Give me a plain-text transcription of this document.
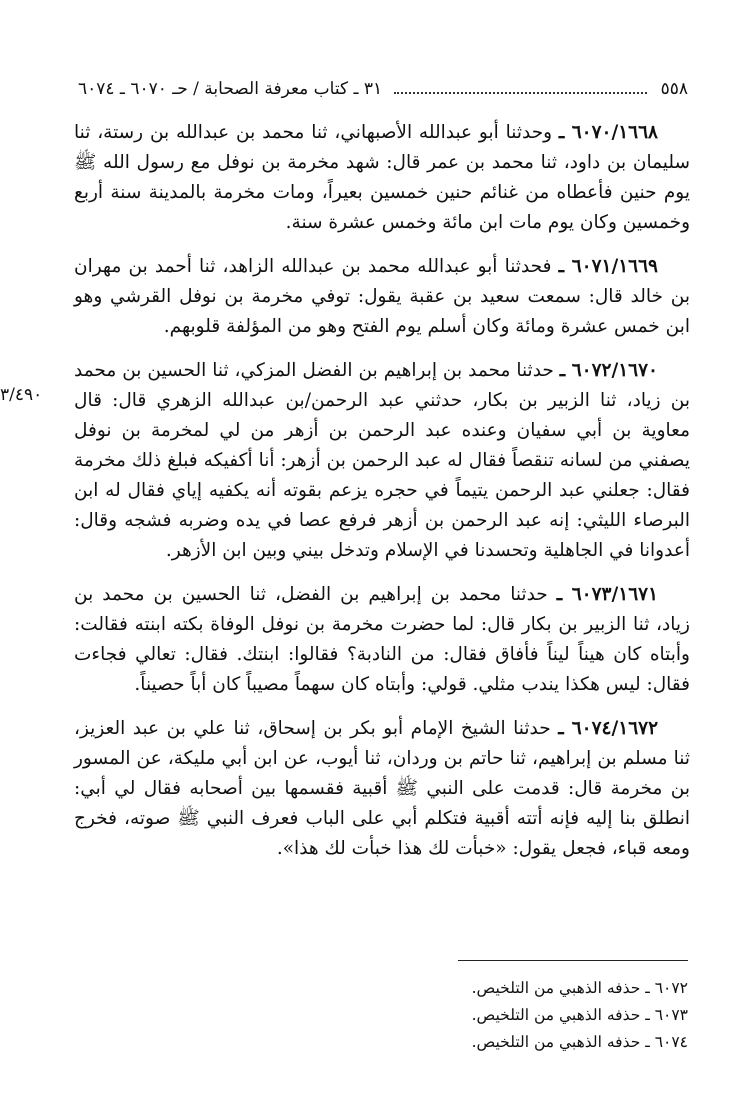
٥٥٨
٣١ ـ كتاب معرفة الصحابة / حـ ٦٠٧٠ ـ ٦٠٧٤
٣/٤٩٠

٦٠٧٠/١٦٦٨ ـ وحدثنا أبو عبدالله الأصبهاني، ثنا محمد بن عبدالله بن رستة، ثنا سليمان بن داود، ثنا محمد بن عمر قال: شهد مخرمة بن نوفل مع رسول الله ﷺ يوم حنين فأعطاه من غنائم حنين خمسين بعيراً، ومات مخرمة بالمدينة سنة أربع وخمسين وكان يوم مات ابن مائة وخمس عشرة سنة.

٦٠٧١/١٦٦٩ ـ فحدثنا أبو عبدالله محمد بن عبدالله الزاهد، ثنا أحمد بن مهران بن خالد قال: سمعت سعيد بن عقبة يقول: توفي مخرمة بن نوفل القرشي وهو ابن خمس عشرة ومائة وكان أسلم يوم الفتح وهو من المؤلفة قلوبهم.

٦٠٧٢/١٦٧٠ ـ حدثنا محمد بن إبراهيم بن الفضل المزكي، ثنا الحسين بن محمد بن زياد، ثنا الزبير بن بكار، حدثني عبد الرحمن/بن عبدالله الزهري قال: قال معاوية بن أبي سفيان وعنده عبد الرحمن بن أزهر من لي لمخرمة بن نوفل يصفني من لسانه تنقصاً فقال له عبد الرحمن بن أزهر: أنا أكفيكه فبلغ ذلك مخرمة فقال: جعلني عبد الرحمن يتيماً في حجره يزعم بقوته أنه يكفيه إياي فقال له ابن البرصاء الليثي: إنه عبد الرحمن بن أزهر فرفع عصا في يده وضربه فشجه وقال: أعدوانا في الجاهلية وتحسدنا في الإسلام وتدخل بيني وبين ابن الأزهر.

٦٠٧٣/١٦٧١ ـ حدثنا محمد بن إبراهيم بن الفضل، ثنا الحسين بن محمد بن زياد، ثنا الزبير بن بكار قال: لما حضرت مخرمة بن نوفل الوفاة بكته ابنته فقالت: وأبتاه كان هيناً ليناً فأفاق فقال: من النادبة؟ فقالوا: ابنتك. فقال: تعالي فجاءت فقال: ليس هكذا يندب مثلي. قولي: وأبتاه كان سهماً مصيباً كان أباً حصيناً.

٦٠٧٤/١٦٧٢ ـ حدثنا الشيخ الإمام أبو بكر بن إسحاق، ثنا علي بن عبد العزيز، ثنا مسلم بن إبراهيم، ثنا حاتم بن وردان، ثنا أيوب، عن ابن أبي مليكة، عن المسور بن مخرمة قال: قدمت على النبي ﷺ أقبية فقسمها بين أصحابه فقال لي أبي: انطلق بنا إليه فإنه أتته أقبية فتكلم أبي على الباب فعرف النبي ﷺ صوته، فخرج ومعه قباء، فجعل يقول: «خبأت لك هذا خبأت لك هذا».

٦٠٧٢ ـ حذفه الذهبي من التلخيص.

٦٠٧٣ ـ حذفه الذهبي من التلخيص.

٦٠٧٤ ـ حذفه الذهبي من التلخيص.
